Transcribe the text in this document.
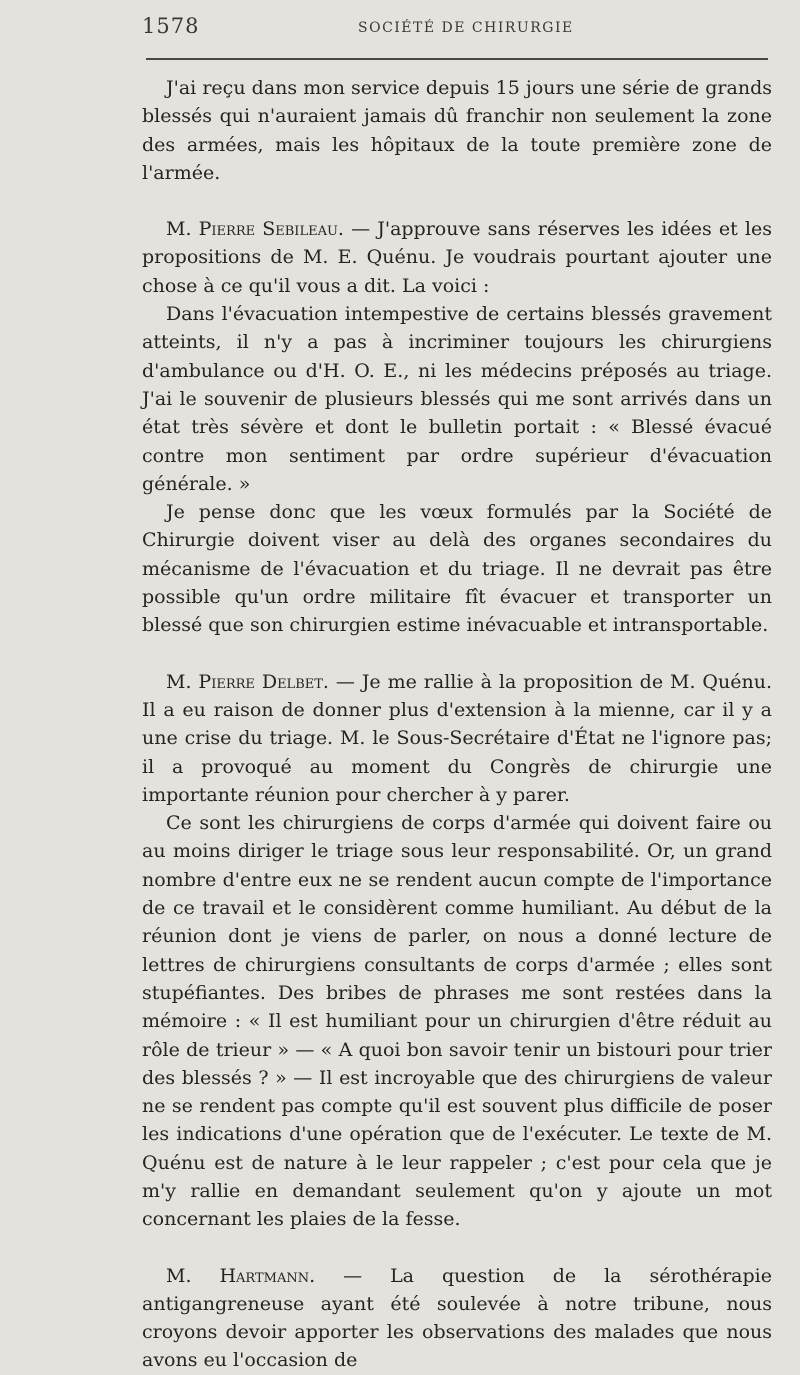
1578	SOCIÉTÉ DE CHIRURGIE

J'ai reçu dans mon service depuis 15 jours une série de grands blessés qui n'auraient jamais dû franchir non seulement la zone des armées, mais les hôpitaux de la toute première zone de l'armée.

M. Pierre Sebileau. — J'approuve sans réserves les idées et les propositions de M. E. Quénu. Je voudrais pourtant ajouter une chose à ce qu'il vous a dit. La voici :

Dans l'évacuation intempestive de certains blessés gravement atteints, il n'y a pas à incriminer toujours les chirurgiens d'ambulance ou d'H. O. E., ni les médecins préposés au triage. J'ai le souvenir de plusieurs blessés qui me sont arrivés dans un état très sévère et dont le bulletin portait : « Blessé évacué contre mon sentiment par ordre supérieur d'évacuation générale. »

Je pense donc que les vœux formulés par la Société de Chirurgie doivent viser au delà des organes secondaires du mécanisme de l'évacuation et du triage. Il ne devrait pas être possible qu'un ordre militaire fît évacuer et transporter un blessé que son chirurgien estime inévacuable et intransportable.

M. Pierre Delbet. — Je me rallie à la proposition de M. Quénu. Il a eu raison de donner plus d'extension à la mienne, car il y a une crise du triage. M. le Sous-Secrétaire d'État ne l'ignore pas; il a provoqué au moment du Congrès de chirurgie une importante réunion pour chercher à y parer.

Ce sont les chirurgiens de corps d'armée qui doivent faire ou au moins diriger le triage sous leur responsabilité. Or, un grand nombre d'entre eux ne se rendent aucun compte de l'importance de ce travail et le considèrent comme humiliant. Au début de la réunion dont je viens de parler, on nous a donné lecture de lettres de chirurgiens consultants de corps d'armée ; elles sont stupéfiantes. Des bribes de phrases me sont restées dans la mémoire : « Il est humiliant pour un chirurgien d'être réduit au rôle de trieur » — « A quoi bon savoir tenir un bistouri pour trier des blessés ? » — Il est incroyable que des chirurgiens de valeur ne se rendent pas compte qu'il est souvent plus difficile de poser les indications d'une opération que de l'exécuter. Le texte de M. Quénu est de nature à le leur rappeler ; c'est pour cela que je m'y rallie en demandant seulement qu'on y ajoute un mot concernant les plaies de la fesse.

M. Hartmann. — La question de la sérothérapie antigangreneuse ayant été soulevée à notre tribune, nous croyons devoir apporter les observations des malades que nous avons eu l'occasion de
